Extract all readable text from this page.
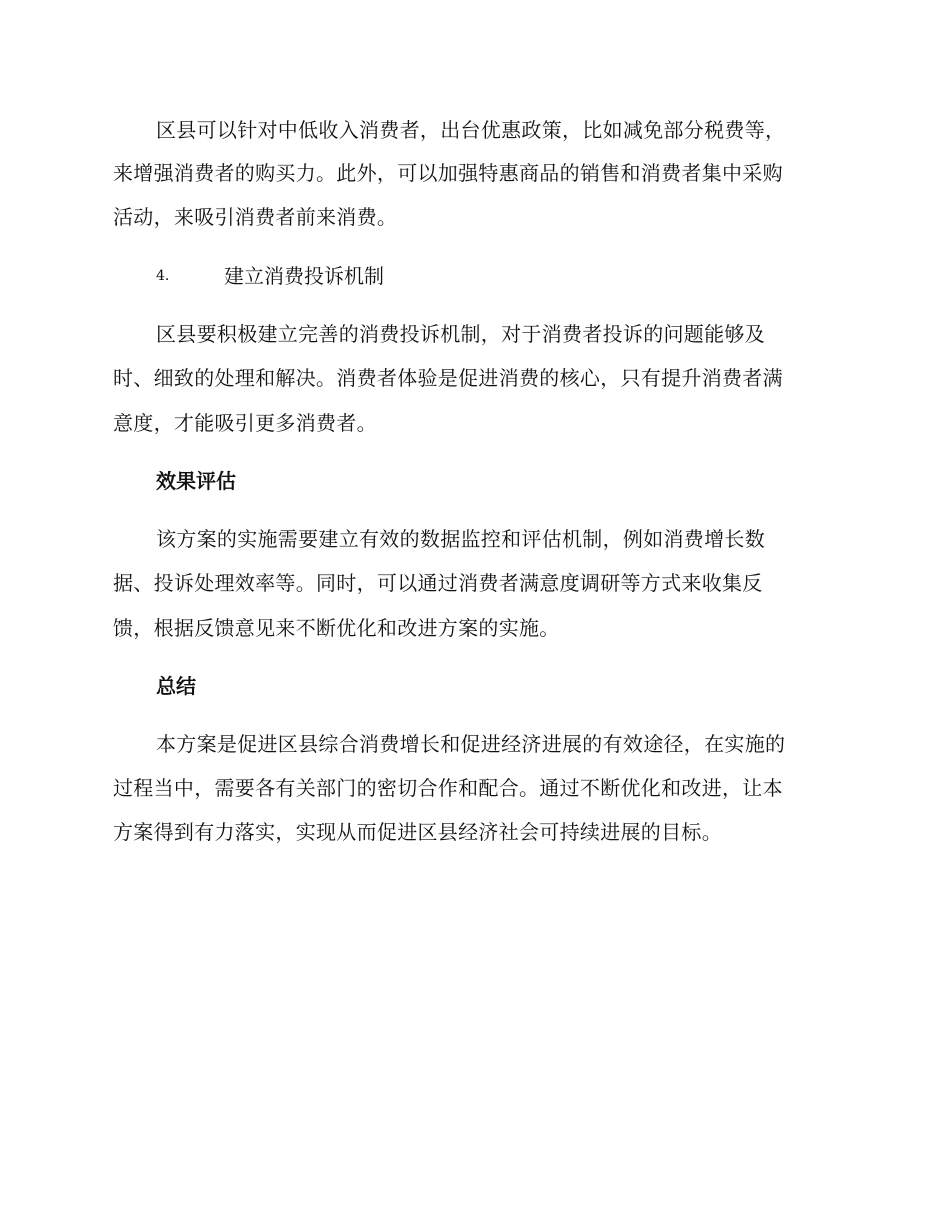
区县可以针对中低收入消费者，出台优惠政策，比如减免部分税费等，
来增强消费者的购买力。此外，可以加强特惠商品的销售和消费者集中采购
活动，来吸引消费者前来消费。
4.	建立消费投诉机制
区县要积极建立完善的消费投诉机制，对于消费者投诉的问题能够及
时、细致的处理和解决。消费者体验是促进消费的核心，只有提升消费者满
意度，才能吸引更多消费者。
效果评估
该方案的实施需要建立有效的数据监控和评估机制，例如消费增长数
据、投诉处理效率等。同时，可以通过消费者满意度调研等方式来收集反
馈，根据反馈意见来不断优化和改进方案的实施。
总结
本方案是促进区县综合消费增长和促进经济进展的有效途径，在实施的
过程当中，需要各有关部门的密切合作和配合。通过不断优化和改进，让本
方案得到有力落实，实现从而促进区县经济社会可持续进展的目标。
